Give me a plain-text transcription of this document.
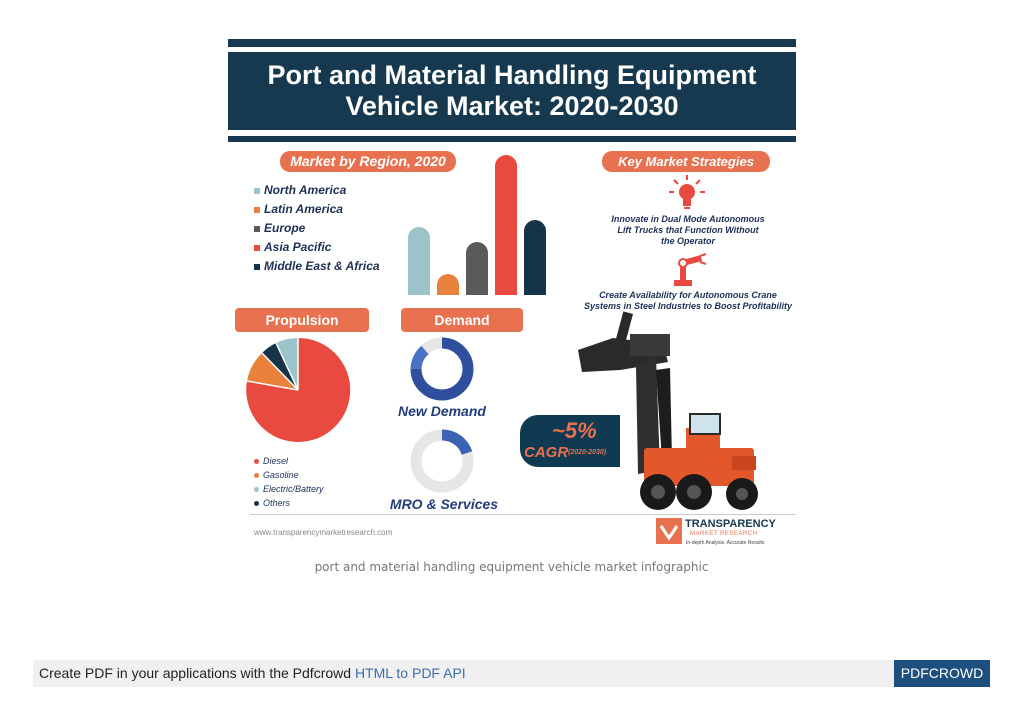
Port and Material Handling Equipment
Vehicle Market: 2020-2030
Market by Region, 2020
North America
Latin America
Europe
Asia Pacific
Middle East & Africa
Key Market Strategies
Innovate in Dual Mode Autonomous
Lift Trucks that Function Without
the Operator
Create Availability for Autonomous Crane
Systems in Steel Industries to Boost Profitability
Propulsion
Diesel
Gasoline
Electric/Battery
Others
Demand
New Demand
MRO & Services
~5%
CAGR (2020-2030)
www.transparencymarketresearch.com
TRANSPARENCY
MARKET RESEARCH
In-depth Analysis. Accurate Results
port and material handling equipment vehicle market infographic
Create PDF in your applications with the Pdfcrowd HTML to PDF API	PDFCROWD
